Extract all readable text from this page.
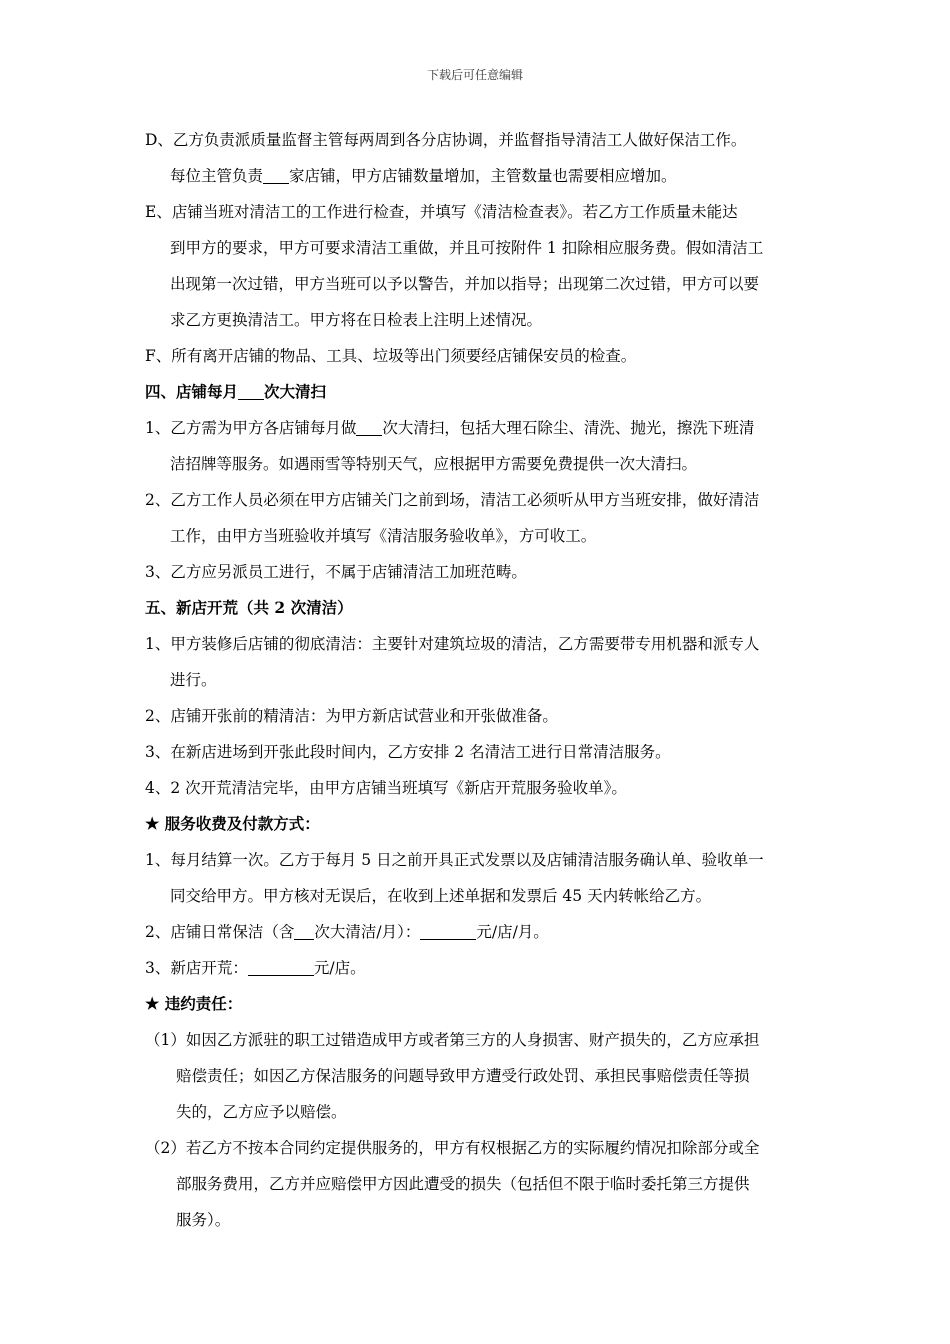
下载后可任意编辑

D、乙方负责派质量监督主管每两周到各分店协调，并监督指导清洁工人做好保洁工作。

每位主管负责 家店铺，甲方店铺数量增加，主管数量也需要相应增加。

E、店铺当班对清洁工的工作进行检查，并填写《清洁检查表》。若乙方工作质量未能达

到甲方的要求，甲方可要求清洁工重做，并且可按附件 1 扣除相应服务费。假如清洁工

出现第一次过错，甲方当班可以予以警告，并加以指导；出现第二次过错，甲方可以要

求乙方更换清洁工。甲方将在日检表上注明上述情况。

F、所有离开店铺的物品、工具、垃圾等出门须要经店铺保安员的检查。

四、店铺每月 次大清扫

1、乙方需为甲方各店铺每月做 次大清扫，包括大理石除尘、清洗、抛光，擦洗下班清

洁招牌等服务。如遇雨雪等特别天气，应根据甲方需要免费提供一次大清扫。

2、乙方工作人员必须在甲方店铺关门之前到场，清洁工必须听从甲方当班安排，做好清洁

工作，由甲方当班验收并填写《清洁服务验收单》，方可收工。

3、乙方应另派员工进行，不属于店铺清洁工加班范畴。

五、新店开荒（共 2 次清洁）

1、甲方装修后店铺的彻底清洁：主要针对建筑垃圾的清洁，乙方需要带专用机器和派专人

进行。

2、店铺开张前的精清洁：为甲方新店试营业和开张做准备。

3、在新店进场到开张此段时间内，乙方安排 2 名清洁工进行日常清洁服务。

4、2 次开荒清洁完毕，由甲方店铺当班填写《新店开荒服务验收单》。

★ 服务收费及付款方式：

1、每月结算一次。乙方于每月 5 日之前开具正式发票以及店铺清洁服务确认单、验收单一

同交给甲方。甲方核对无误后，在收到上述单据和发票后 45 天内转帐给乙方。

2、店铺日常保洁（含 次大清洁/月）：	元/店/月。

3、新店开荒：	元/店。

★ 违约责任：

（1）如因乙方派驻的职工过错造成甲方或者第三方的人身损害、财产损失的，乙方应承担

赔偿责任；如因乙方保洁服务的问题导致甲方遭受行政处罚、承担民事赔偿责任等损

失的，乙方应予以赔偿。

（2）若乙方不按本合同约定提供服务的，甲方有权根据乙方的实际履约情况扣除部分或全

部服务费用，乙方并应赔偿甲方因此遭受的损失（包括但不限于临时委托第三方提供

服务）。
